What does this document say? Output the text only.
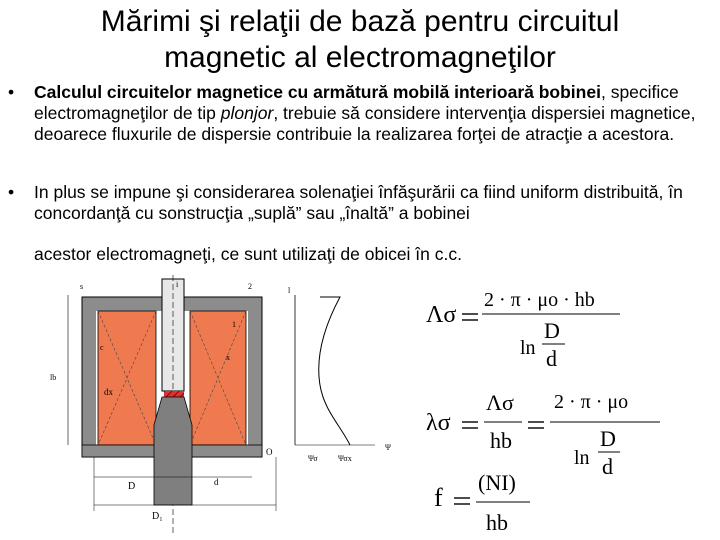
Mărimi şi relaţii de bază pentru circuitul
magnetic al electromagneţilor
• Calculul circuitelor magnetice cu armătură mobilă interioară bobinei, specifice electromagneţilor de tip plonjor, trebuie să considere intervenţia dispersiei magnetice, deoarece fluxurile de dispersie contribuie la realizarea forţei de atracţie a acestora.
• In plus se impune şi considerarea solenaţiei înfăşurării ca fiind uniform distribuită, în concordanţă cu sonstrucţia „suplă” sau „înaltă” a bobinei
acestor electromagneţi, ce sunt utilizaţi de obicei în c.c.
s	2
i
c
lb
dx
1
x
D	d
D₁
l
O
Ψσ	Ψσx
Ψ
Λσ
2 · π · μo · hb
ln
D
d
λσ
Λσ
hb
2 · π · μo
ln
D
d
f
(NI)
hb
